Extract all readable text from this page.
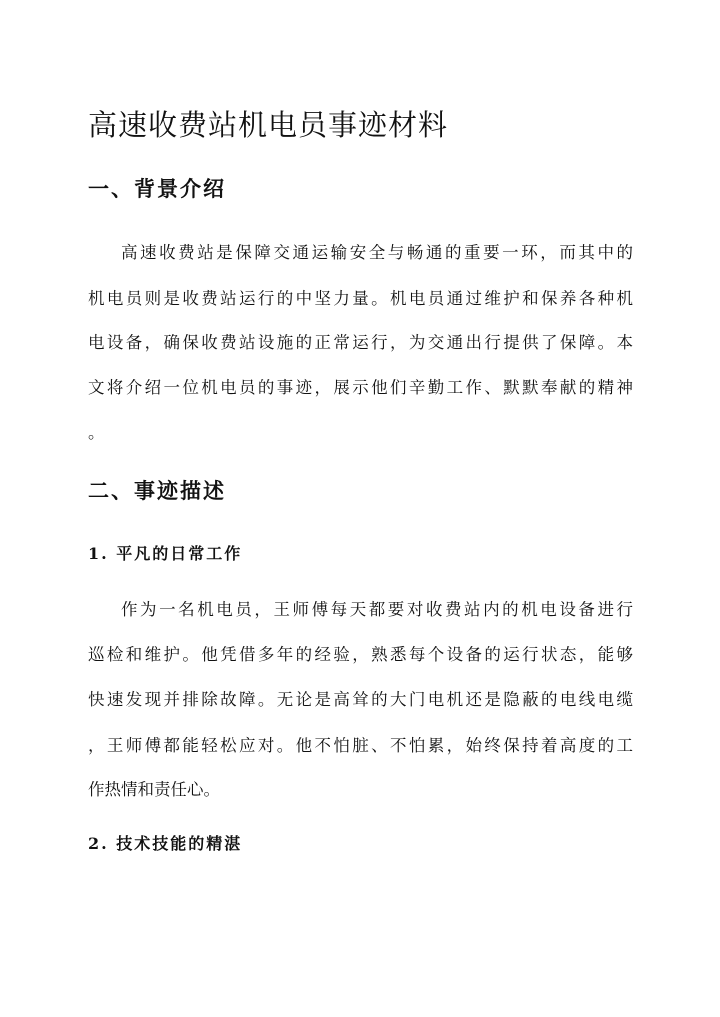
高速收费站机电员事迹材料
一、背景介绍
高速收费站是保障交通运输安全与畅通的重要一环，而其中的
机电员则是收费站运行的中坚力量。机电员通过维护和保养各种机
电设备，确保收费站设施的正常运行，为交通出行提供了保障。本
文将介绍一位机电员的事迹，展示他们辛勤工作、默默奉献的精神
。
二、事迹描述
1. 平凡的日常工作
作为一名机电员，王师傅每天都要对收费站内的机电设备进行
巡检和维护。他凭借多年的经验，熟悉每个设备的运行状态，能够
快速发现并排除故障。无论是高耸的大门电机还是隐蔽的电线电缆
，王师傅都能轻松应对。他不怕脏、不怕累，始终保持着高度的工
作热情和责任心。
2. 技术技能的精湛
